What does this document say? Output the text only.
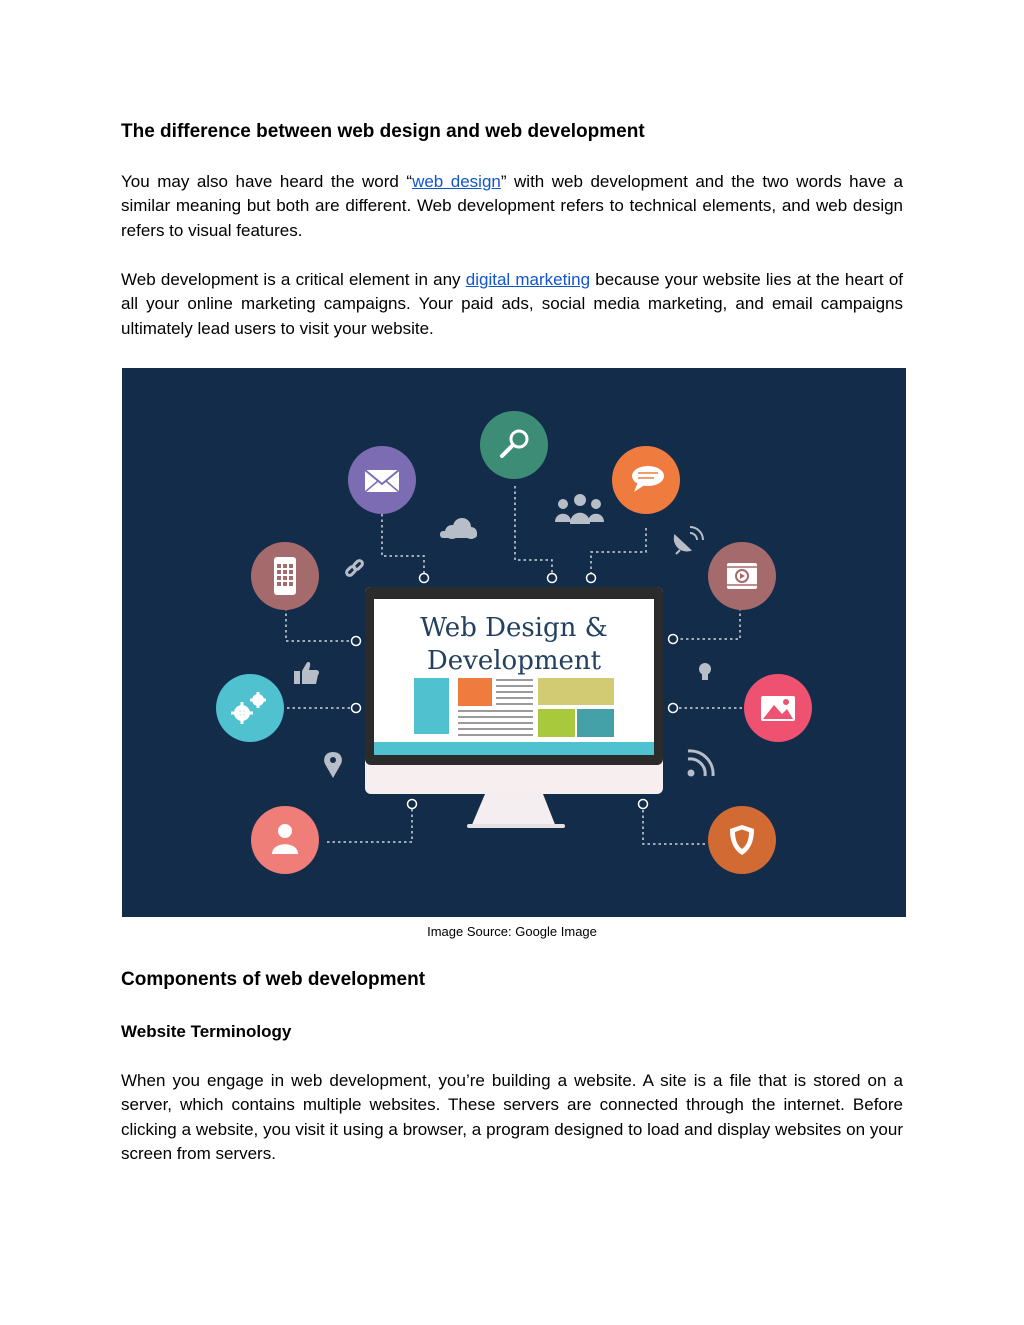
The difference between web design and web development

You may also have heard the word “web design” with web development and the two words have a similar meaning but both are different. Web development refers to technical elements, and web design refers to visual features.

Web development is a critical element in any digital marketing because your website lies at the heart of all your online marketing campaigns. Your paid ads, social media marketing, and email campaigns ultimately lead users to visit your website.

Web Design &
Development
Image Source: Google Image
Components of web development
Website Terminology

When you engage in web development, you’re building a website. A site is a file that is stored on a server, which contains multiple websites. These servers are connected through the internet. Before clicking a website, you visit it using a browser, a program designed to load and display websites on your screen from servers.
